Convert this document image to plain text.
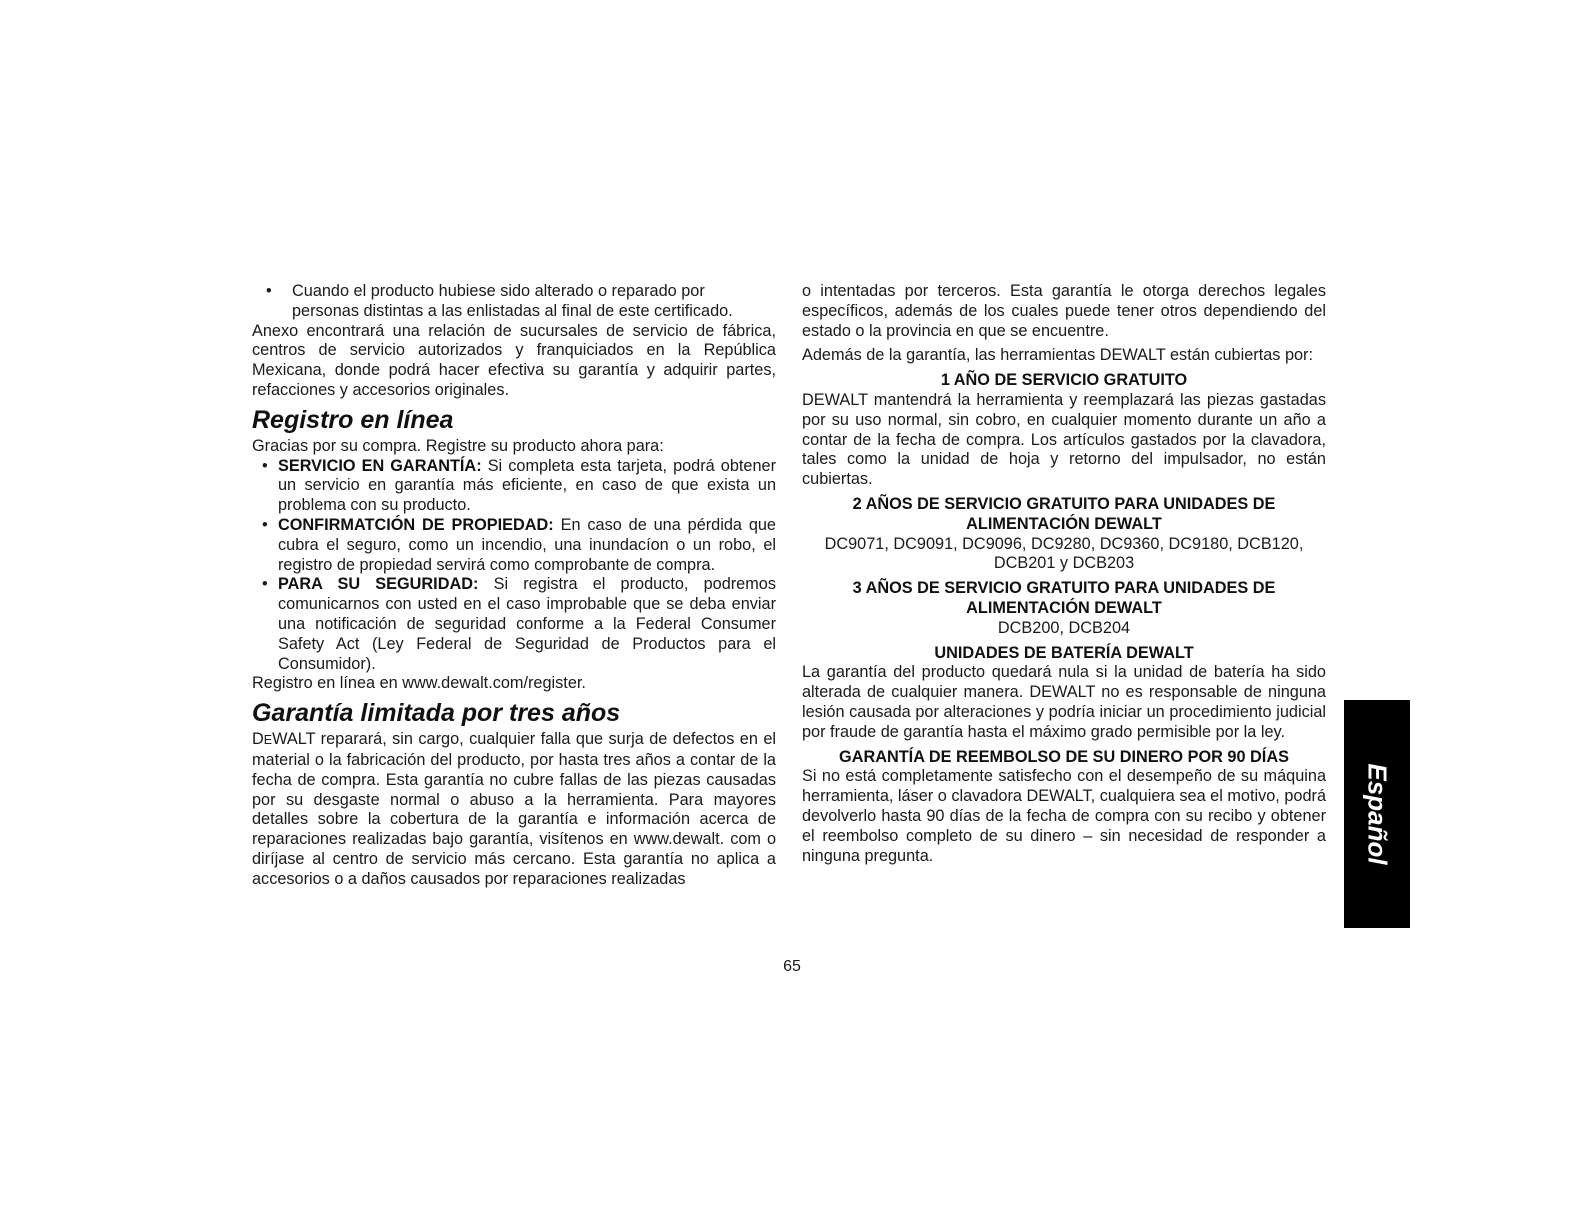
• Cuando el producto hubiese sido alterado o reparado por personas distintas a las enlistadas al final de este certificado.

Anexo encontrará una relación de sucursales de servicio de fábrica, centros de servicio autorizados y franquiciados en la República Mexicana, donde podrá hacer efectiva su garantía y adquirir partes, refacciones y accesorios originales.

Registro en línea

Gracias por su compra. Registre su producto ahora para:

• SERVICIO EN GARANTÍA: Si completa esta tarjeta, podrá obtener un servicio en garantía más eficiente, en caso de que exista un problema con su producto.
• CONFIRMATCIÓN DE PROPIEDAD: En caso de una pérdida que cubra el seguro, como un incendio, una inundacíon o un robo, el registro de propiedad servirá como comprobante de compra.
• PARA SU SEGURIDAD: Si registra el producto, podremos comunicarnos con usted en el caso improbable que se deba enviar una notificación de seguridad conforme a la Federal Consumer Safety Act (Ley Federal de Seguridad de Productos para el Consumidor).

Registro en línea en www.dewalt.com/register.

Garantía limitada por tres años

DEWALT reparará, sin cargo, cualquier falla que surja de defectos en el material o la fabricación del producto, por hasta tres años a contar de la fecha de compra. Esta garantía no cubre fallas de las piezas causadas por su desgaste normal o abuso a la herramienta. Para mayores detalles sobre la cobertura de la garantía e información acerca de reparaciones realizadas bajo garantía, visítenos en www.dewalt. com o diríjase al centro de servicio más cercano. Esta garantía no aplica a accesorios o a daños causados por reparaciones realizadas

o intentadas por terceros. Esta garantía le otorga derechos legales específicos, además de los cuales puede tener otros dependiendo del estado o la provincia en que se encuentre.

Además de la garantía, las herramientas DEWALT están cubiertas por:

1 AÑO DE SERVICIO GRATUITO

DEWALT mantendrá la herramienta y reemplazará las piezas gastadas por su uso normal, sin cobro, en cualquier momento durante un año a contar de la fecha de compra. Los artículos gastados por la clavadora, tales como la unidad de hoja y retorno del impulsador, no están cubiertas.

2 AÑOS DE SERVICIO GRATUITO PARA UNIDADES DE ALIMENTACIÓN DEWALT

DC9071, DC9091, DC9096, DC9280, DC9360, DC9180, DCB120, DCB201 y DCB203

3 AÑOS DE SERVICIO GRATUITO PARA UNIDADES DE ALIMENTACIÓN DEWALT

DCB200, DCB204

UNIDADES DE BATERÍA DEWALT

La garantía del producto quedará nula si la unidad de batería ha sido alterada de cualquier manera. DEWALT no es responsable de ninguna lesión causada por alteraciones y podría iniciar un procedimiento judicial por fraude de garantía hasta el máximo grado permisible por la ley.

GARANTÍA DE REEMBOLSO DE SU DINERO POR 90 DÍAS

Si no está completamente satisfecho con el desempeño de su máquina herramienta, láser o clavadora DEWALT, cualquiera sea el motivo, podrá devolverlo hasta 90 días de la fecha de compra con su recibo y obtener el reembolso completo de su dinero – sin necesidad de responder a ninguna pregunta.	Español
65
